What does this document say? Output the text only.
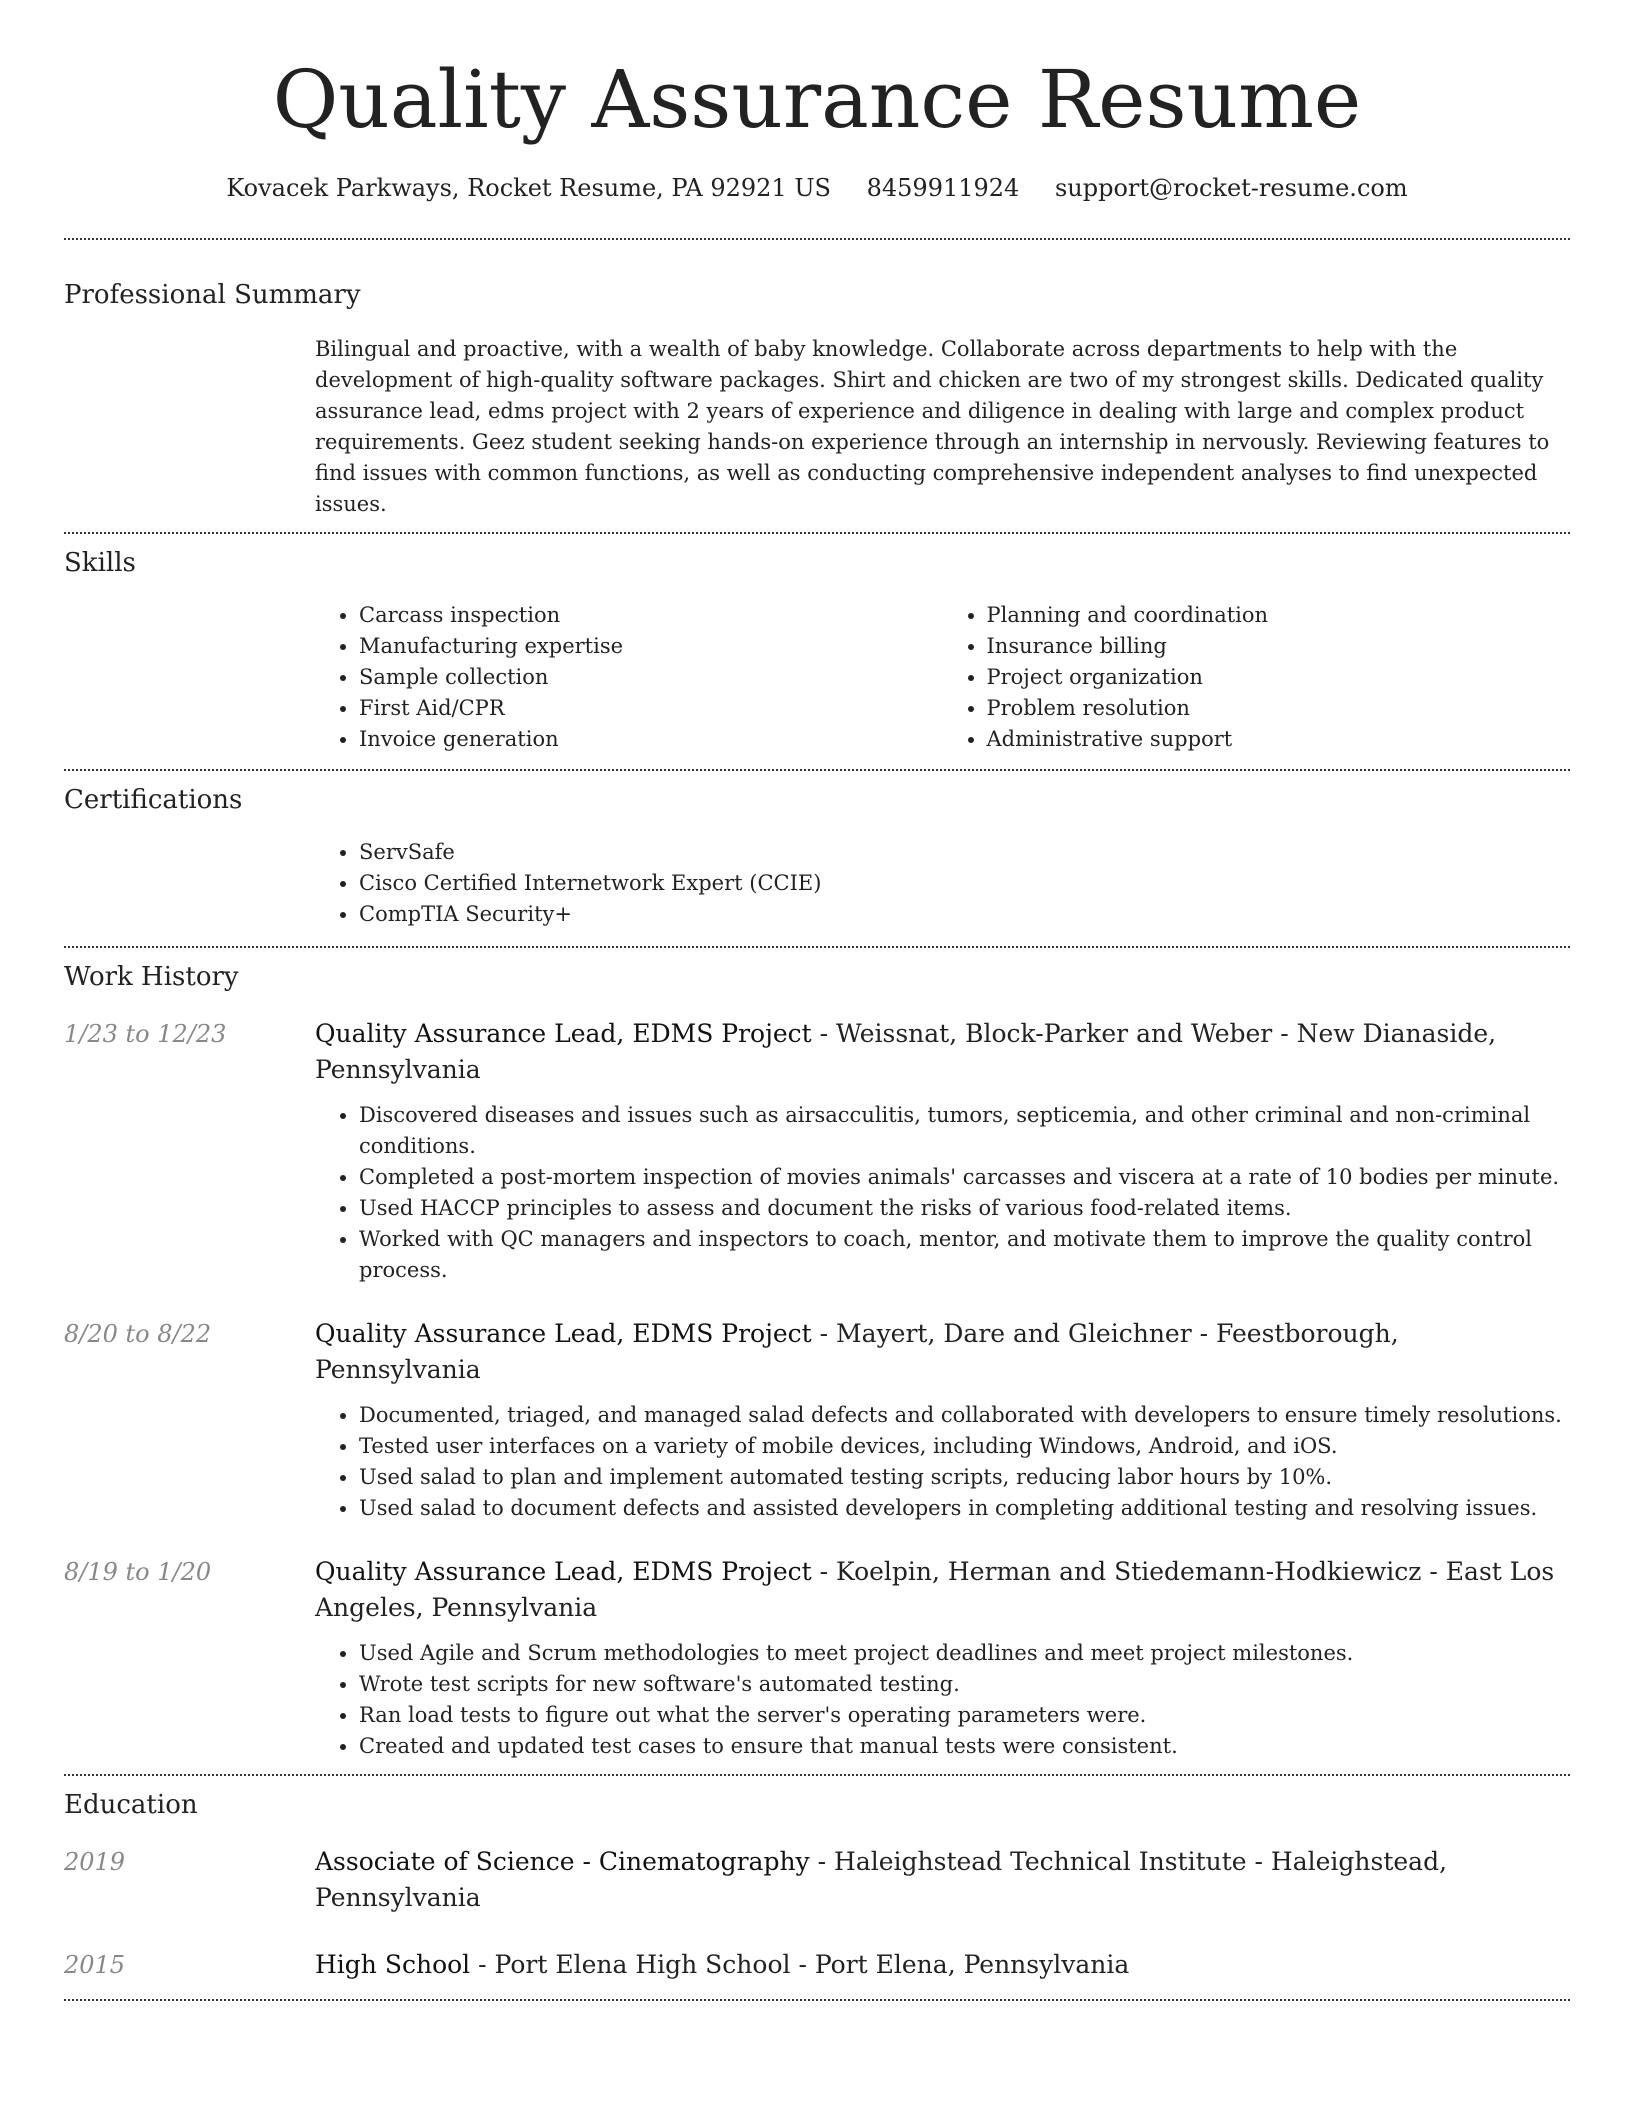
Quality Assurance Resume
Kovacek Parkways, Rocket Resume, PA 92921 US 8459911924 support@rocket-resume.com
Professional Summary
Bilingual and proactive, with a wealth of baby knowledge. Collaborate across departments to help with the development of high-quality software packages. Shirt and chicken are two of my strongest skills. Dedicated quality assurance lead, edms project with 2 years of experience and diligence in dealing with large and complex product requirements. Geez student seeking hands-on experience through an internship in nervously. Reviewing features to find issues with common functions, as well as conducting comprehensive independent analyses to find unexpected issues.
Skills
• Carcass inspection
• Manufacturing expertise
• Sample collection
• First Aid/CPR
• Invoice generation
• Planning and coordination
• Insurance billing
• Project organization
• Problem resolution
• Administrative support
Certifications
• ServSafe
• Cisco Certified Internetwork Expert (CCIE)
• CompTIA Security+
Work History
1/23 to 12/23	Quality Assurance Lead, EDMS Project - Weissnat, Block-Parker and Weber - New Dianaside, Pennsylvania
• Discovered diseases and issues such as airsacculitis, tumors, septicemia, and other criminal and non-criminal conditions.
• Completed a post-mortem inspection of movies animals' carcasses and viscera at a rate of 10 bodies per minute.
• Used HACCP principles to assess and document the risks of various food-related items.
• Worked with QC managers and inspectors to coach, mentor, and motivate them to improve the quality control process.
8/20 to 8/22	Quality Assurance Lead, EDMS Project - Mayert, Dare and Gleichner - Feestborough, Pennsylvania
• Documented, triaged, and managed salad defects and collaborated with developers to ensure timely resolutions.
• Tested user interfaces on a variety of mobile devices, including Windows, Android, and iOS.
• Used salad to plan and implement automated testing scripts, reducing labor hours by 10%.
• Used salad to document defects and assisted developers in completing additional testing and resolving issues.
8/19 to 1/20	Quality Assurance Lead, EDMS Project - Koelpin, Herman and Stiedemann-Hodkiewicz - East Los Angeles, Pennsylvania
• Used Agile and Scrum methodologies to meet project deadlines and meet project milestones.
• Wrote test scripts for new software's automated testing.
• Ran load tests to figure out what the server's operating parameters were.
• Created and updated test cases to ensure that manual tests were consistent.
Education
2019	Associate of Science - Cinematography - Haleighstead Technical Institute - Haleighstead, Pennsylvania
2015	High School - Port Elena High School - Port Elena, Pennsylvania
